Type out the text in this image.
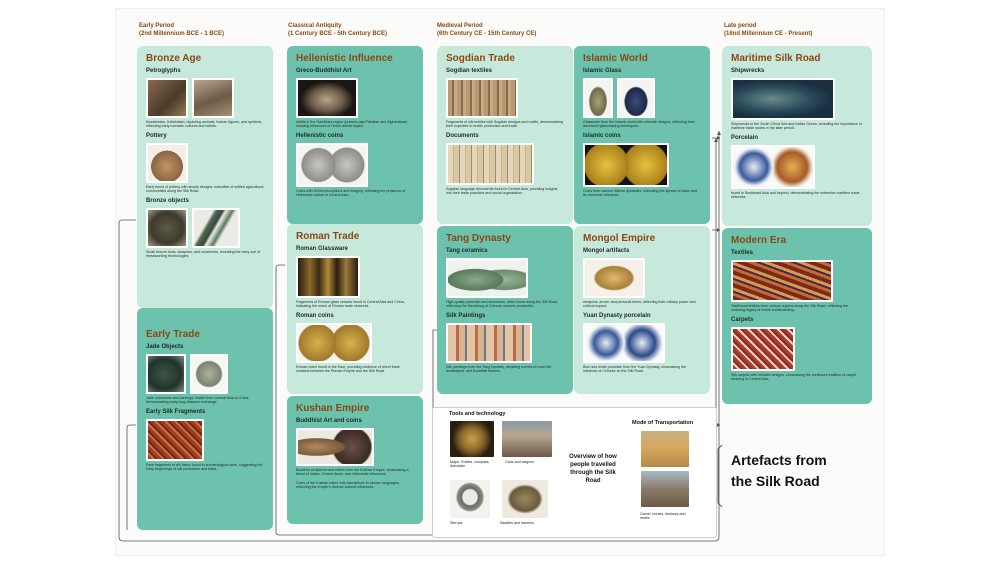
Early Period
(2nd Millennium BCE - 1 BCE)
Classical Antiquity
(1 Century BCE - 5th Century BCE)
Medieval Period
(6th Century CE - 15th Century CE)
Late period
(16nd Millennium CE - Present)
Bronze Age
Petroglyphs

Kazakhstan, Uzbekistan, depicting animals, human figures, and symbols, reflecting early nomadic cultures and beliefs.

Pottery

Early forms of pottery with simple designs, indicative of settled agricultural communities along the Silk Road.

Bronze objects

Small bronze tools, weapons, and ornaments, revealing the early use of metalworking technologies.

Early Trade
Jade Objects

Jade ornaments and carvings, traded from Central Asia to China, demonstrating early long-distance exchange.

Early Silk Fragments

Rare fragments of silk fabric found in archaeological sites, suggesting the early beginnings of silk production and trade.

Hellenistic Influence
Greco-Buddhist Art

reliefs in the Gandhara region (present-day Pakistan and Afghanistan) showing influences of Greek artistic styles.

Hellenistic coins

Coins with Greek inscriptions and imagery, reflecting the presence of Hellenistic culture in Central Asia.

Roman Trade
Roman Glassware

Fragments of Roman glass vessels found in Central Asia and China, indicating the reach of Roman trade networks.

Roman coins

Roman coins found in the East, providing evidence of direct trade contacts between the Roman Empire and the Silk Road.

Kushan Empire
Buddhist Art and coins

Buddhist sculptures and reliefs from the Kushan Empire, showcasing a blend of Indian, Central Asian, and Hellenistic influences.

Coins of the Kushan rulers with inscriptions in various languages, reflecting the empire's diverse cultural influences.

Sogdian Trade
Sogdian textiles

Fragments of silk textiles with Sogdian designs and motifs, demonstrating their expertise in textile production and trade.

Documents

Sogdian language documents found in Central Asia, providing insights into their trade practices and social organization.

Islamic World
Islamic Glass

Glassware from the Islamic world with intricate designs, reflecting their advanced glassmaking techniques.

Islamic coins

Coins from various Islamic dynasties, indicating the spread of Islam and its economic influence.

Tang Dynasty
Tang ceramics

High-quality porcelain and stoneware, often found along the Silk Road, reflecting the flourishing of Chinese ceramic production.

Silk Paintings

Silk paintings from the Tang Dynasty, depicting scenes of court life, landscapes, and Buddhist themes.

Mongol Empire
Mongol artifacts

weapons, armor, and personal items, reflecting their military power and cultural impact.

Yuan Dynasty porcelain

Blue and white porcelain from the Yuan Dynasty, showcasing the influence of Chinese on the Silk Road.

Maritime Silk Road
Shipwrecks

Shipwrecks in the South China Sea and Indian Ocean, revealing the importance of maritime trade routes in the later period.

Porcelain

found in Southeast Asia and beyond, demonstrating the extensive maritime trade networks.

Modern Era
Textiles

Traditional textiles from various regions along the Silk Road, reflecting the enduring legacy of textile craftsmanship.

Carpets

Silk carpets with intricate designs, showcasing the continued tradition of carpet weaving in Central Asia.

Tools and technology
Maps, Guides, compass, Astrolabe
Carts and wagons
Stirrups	Saddles and harness
Overview of how people travelled through the Silk Road
Mode of Transportation
Camel, horses, donkeys and mules
Artefacts from
the Silk Road
